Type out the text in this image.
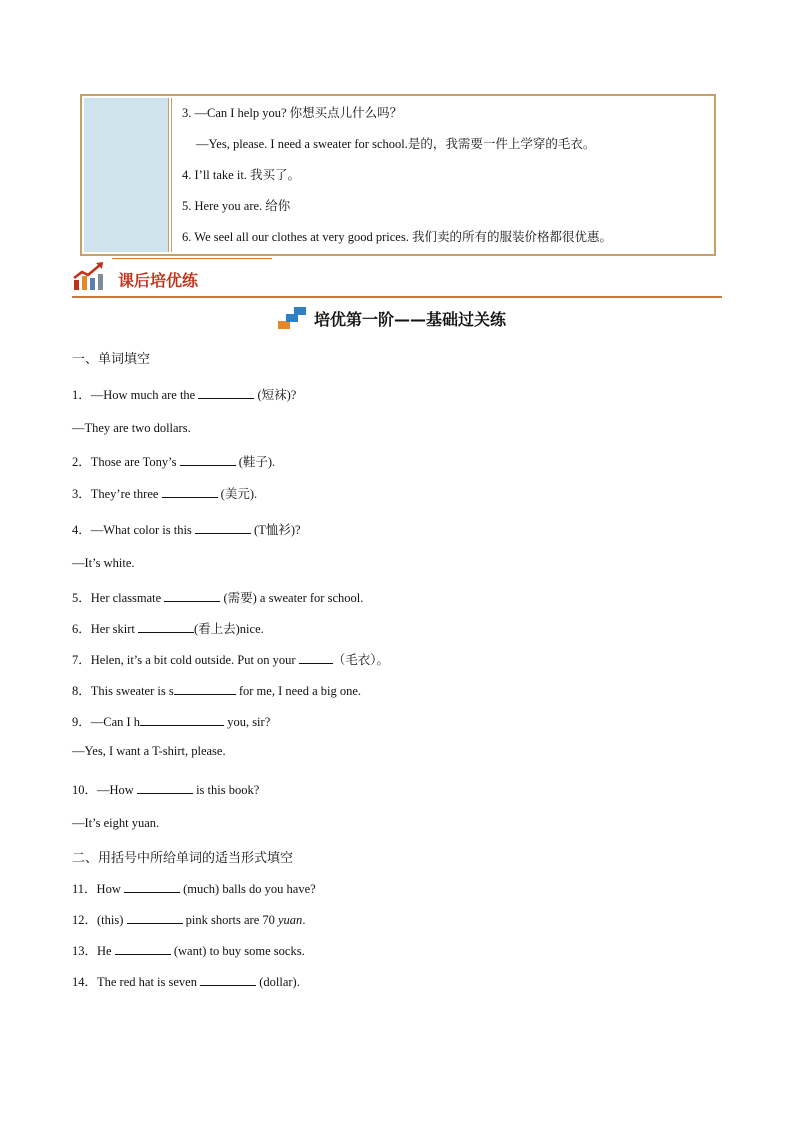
3. —Can I help you? 你想买点儿什么吗？

—Yes, please. I need a sweater for school.是的，我需要一件上学穿的毛衣。

4. I’ll take it. 我买了。

5. Here you are. 给你

6. We seel all our clothes at very good prices. 我们卖的所有的服装价格都很优惠。

课后培优练
培优第一阶——基础过关练
一、单词填空
1．—How much are the	(短袜)?
—They are two dollars.
2．Those are Tony’s	(鞋子).
3．They’re three	(美元).
4．—What color is this	(T恤衫)?
—It’s white.
5．Her classmate	(需要) a sweater for school.
6．Her skirt	(看上去)nice.
7．Helen, it’s a bit cold outside. Put on your	（毛衣）。
8．This sweater is s	for me, I need a big one.
9．—Can I h	you, sir?
—Yes, I want a T-shirt, please.
10．—How	is this book?
—It’s eight yuan.
二、用括号中所给单词的适当形式填空
11．How	(much) balls do you have?
12．(this)	pink shorts are 70 yuan.
13．He	(want) to buy some socks.
14．The red hat is seven	(dollar).
